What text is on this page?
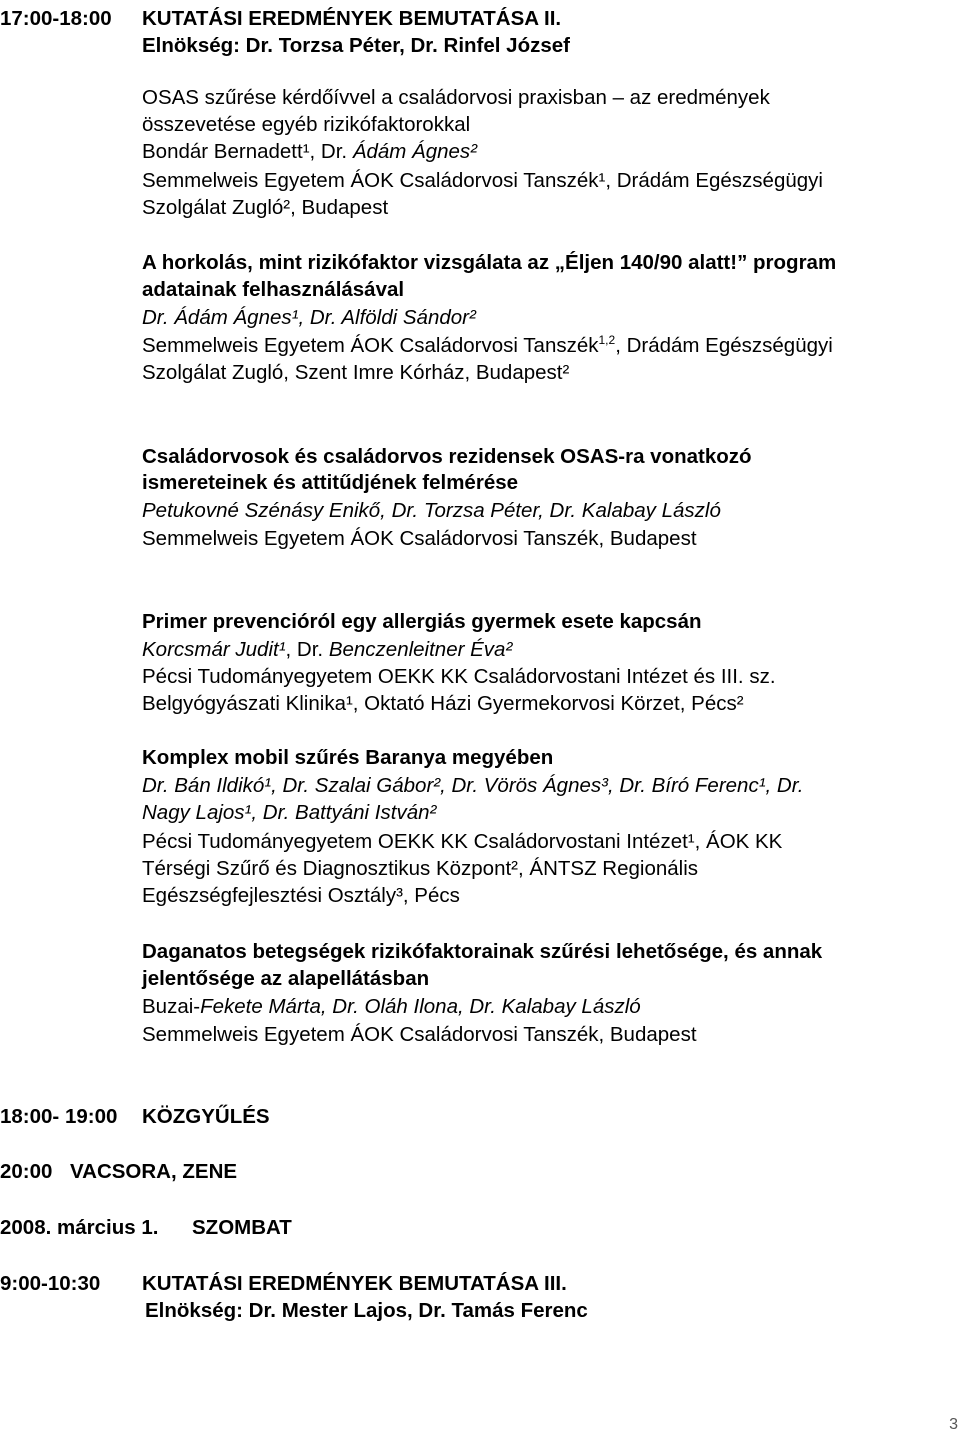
17:00-18:00 KUTATÁSI EREDMÉNYEK BEMUTATÁSA II.
Elnökség: Dr. Torzsa Péter, Dr. Rinfel József
OSAS szűrése kérdőívvel a családorvosi praxisban – az eredmények
összevetése egyéb rizikófaktorokkal
Bondár Bernadett¹, Dr. Ádám Ágnes²
Semmelweis Egyetem ÁOK Családorvosi Tanszék¹, Drádám Egészségügyi
Szolgálat Zugló², Budapest
A horkolás, mint rizikófaktor vizsgálata az „Éljen 140/90 alatt!” program
adatainak felhasználásával
Dr. Ádám Ágnes¹, Dr. Alföldi Sándor²
Semmelweis Egyetem ÁOK Családorvosi Tanszék$^{1,2}$, Drádám Egészségügyi
Szolgálat Zugló, Szent Imre Kórház, Budapest²
Családorvosok és családorvos rezidensek OSAS-ra vonatkozó
ismereteinek és attitűdjének felmérése
Petukovné Szénásy Enikő, Dr. Torzsa Péter, Dr. Kalabay László
Semmelweis Egyetem ÁOK Családorvosi Tanszék, Budapest
Primer prevencióról egy allergiás gyermek esete kapcsán
Korcsmár Judit¹, Dr. Benczenleitner Éva²
Pécsi Tudományegyetem OEKK KK Családorvostani Intézet és III. sz.
Belgyógyászati Klinika¹, Oktató Házi Gyermekorvosi Körzet, Pécs²
Komplex mobil szűrés Baranya megyében
Dr. Bán Ildikó¹, Dr. Szalai Gábor², Dr. Vörös Ágnes³, Dr. Bíró Ferenc¹, Dr.
Nagy Lajos¹, Dr. Battyáni István²
Pécsi Tudományegyetem OEKK KK Családorvostani Intézet¹, ÁOK KK
Térségi Szűrő és Diagnosztikus Központ², ÁNTSZ Regionális
Egészségfejlesztési Osztály³, Pécs
Daganatos betegségek rizikófaktorainak szűrési lehetősége, és annak
jelentősége az alapellátásban
Buzai-Fekete Márta, Dr. Oláh Ilona, Dr. Kalabay László
Semmelweis Egyetem ÁOK Családorvosi Tanszék, Budapest
18:00- 19:00 KÖZGYŰLÉS
20:00 VACSORA, ZENE
2008. március 1. SZOMBAT
9:00-10:30 KUTATÁSI EREDMÉNYEK BEMUTATÁSA III.
Elnökség: Dr. Mester Lajos, Dr. Tamás Ferenc
3
